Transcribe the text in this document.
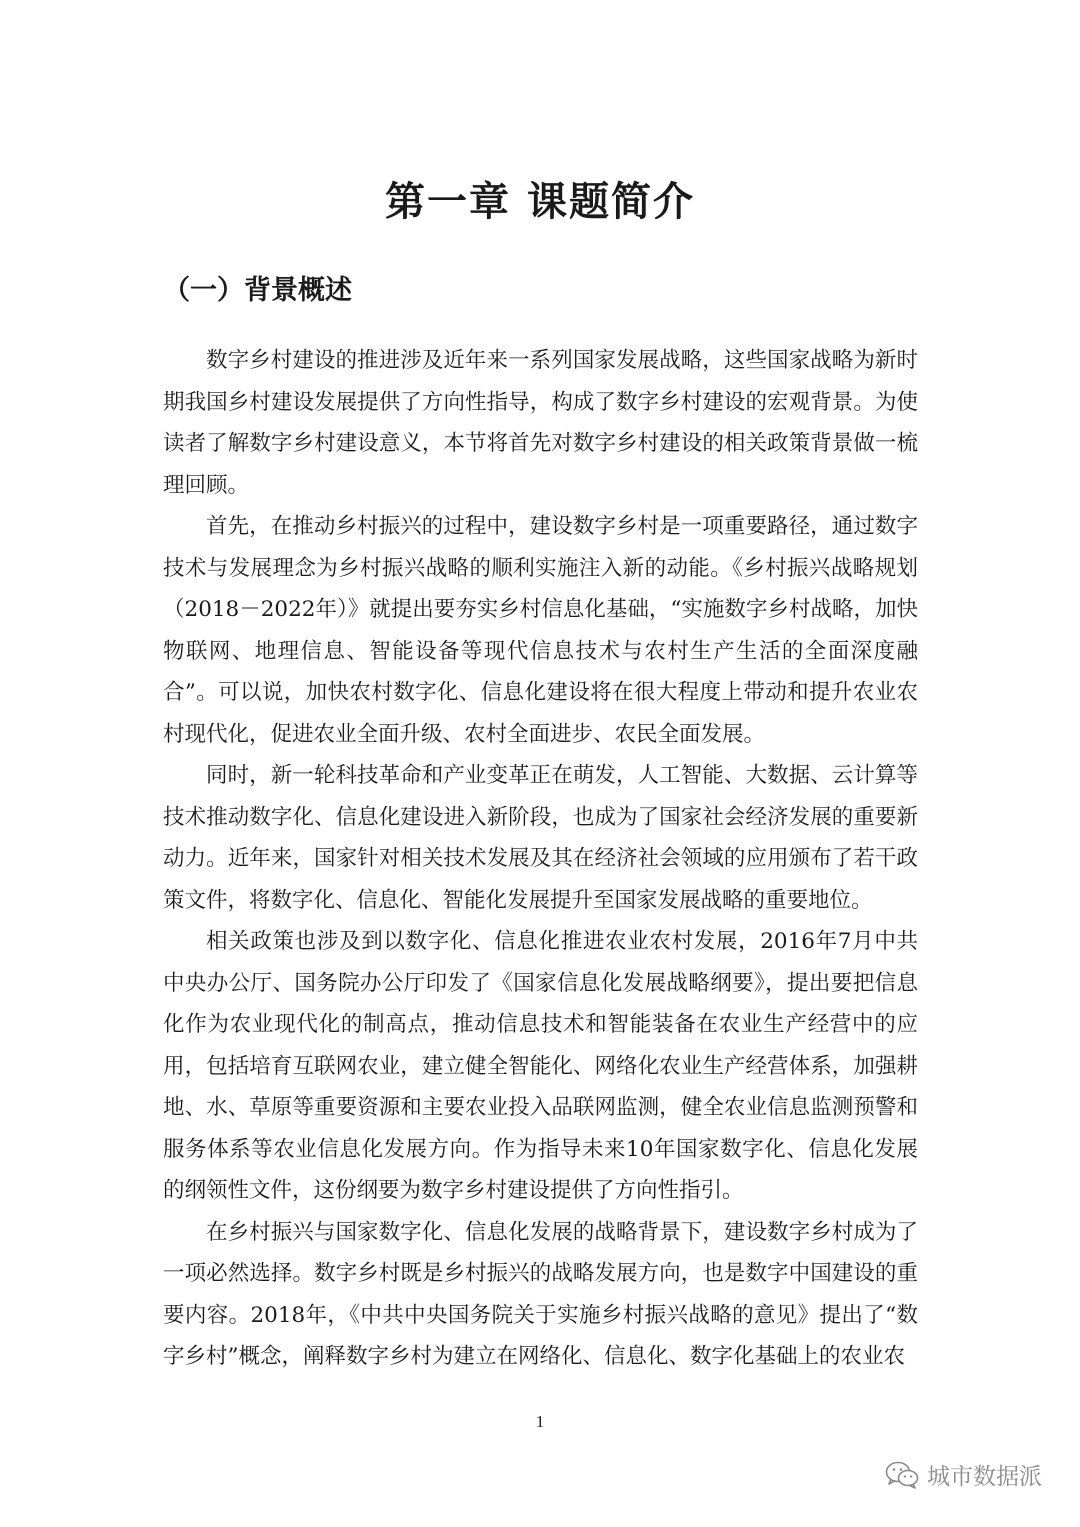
第一章 课题简介
（一）背景概述

数字乡村建设的推进涉及近年来一系列国家发展战略，这些国家战略为新时期我国乡村建设发展提供了方向性指导，构成了数字乡村建设的宏观背景。为使读者了解数字乡村建设意义，本节将首先对数字乡村建设的相关政策背景做一梳理回顾。

首先，在推动乡村振兴的过程中，建设数字乡村是一项重要路径，通过数字技术与发展理念为乡村振兴战略的顺利实施注入新的动能。《乡村振兴战略规划（2018－2022年）》就提出要夯实乡村信息化基础，“实施数字乡村战略，加快物联网、地理信息、智能设备等现代信息技术与农村生产生活的全面深度融合”。可以说，加快农村数字化、信息化建设将在很大程度上带动和提升农业农村现代化，促进农业全面升级、农村全面进步、农民全面发展。

同时，新一轮科技革命和产业变革正在萌发，人工智能、大数据、云计算等技术推动数字化、信息化建设进入新阶段，也成为了国家社会经济发展的重要新动力。近年来，国家针对相关技术发展及其在经济社会领域的应用颁布了若干政策文件，将数字化、信息化、智能化发展提升至国家发展战略的重要地位。

相关政策也涉及到以数字化、信息化推进农业农村发展，2016年7月中共中央办公厅、国务院办公厅印发了《国家信息化发展战略纲要》，提出要把信息化作为农业现代化的制高点，推动信息技术和智能装备在农业生产经营中的应用，包括培育互联网农业，建立健全智能化、网络化农业生产经营体系，加强耕地、水、草原等重要资源和主要农业投入品联网监测，健全农业信息监测预警和服务体系等农业信息化发展方向。作为指导未来10年国家数字化、信息化发展的纲领性文件，这份纲要为数字乡村建设提供了方向性指引。

在乡村振兴与国家数字化、信息化发展的战略背景下，建设数字乡村成为了一项必然选择。数字乡村既是乡村振兴的战略发展方向，也是数字中国建设的重要内容。2018年，《中共中央国务院关于实施乡村振兴战略的意见》提出了“数字乡村”概念，阐释数字乡村为建立在网络化、信息化、数字化基础上的农业农

1
城市数据派
